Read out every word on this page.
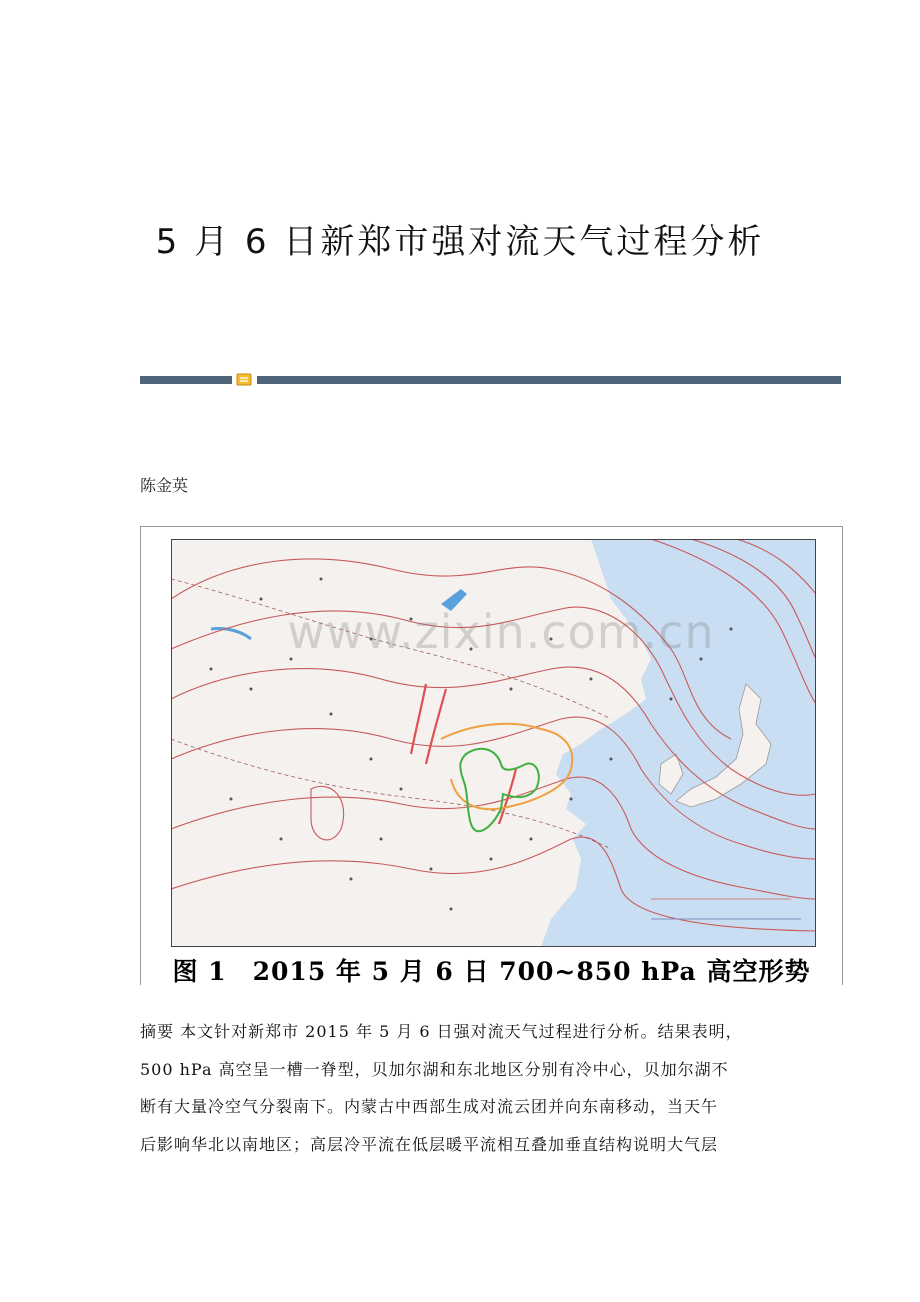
5 月 6 日新郑市强对流天气过程分析
陈金英
www.zixin.com.cn
图 1　2015 年 5 月 6 日 700~850 hPa 高空形势

摘要 本文针对新郑市 2015 年 5 月 6 日强对流天气过程进行分析。结果表明，

500 hPa 高空呈一槽一脊型，贝加尔湖和东北地区分别有冷中心，贝加尔湖不

断有大量冷空气分裂南下。内蒙古中西部生成对流云团并向东南移动，当天午

后影响华北以南地区；高层冷平流在低层暖平流相互叠加垂直结构说明大气层
